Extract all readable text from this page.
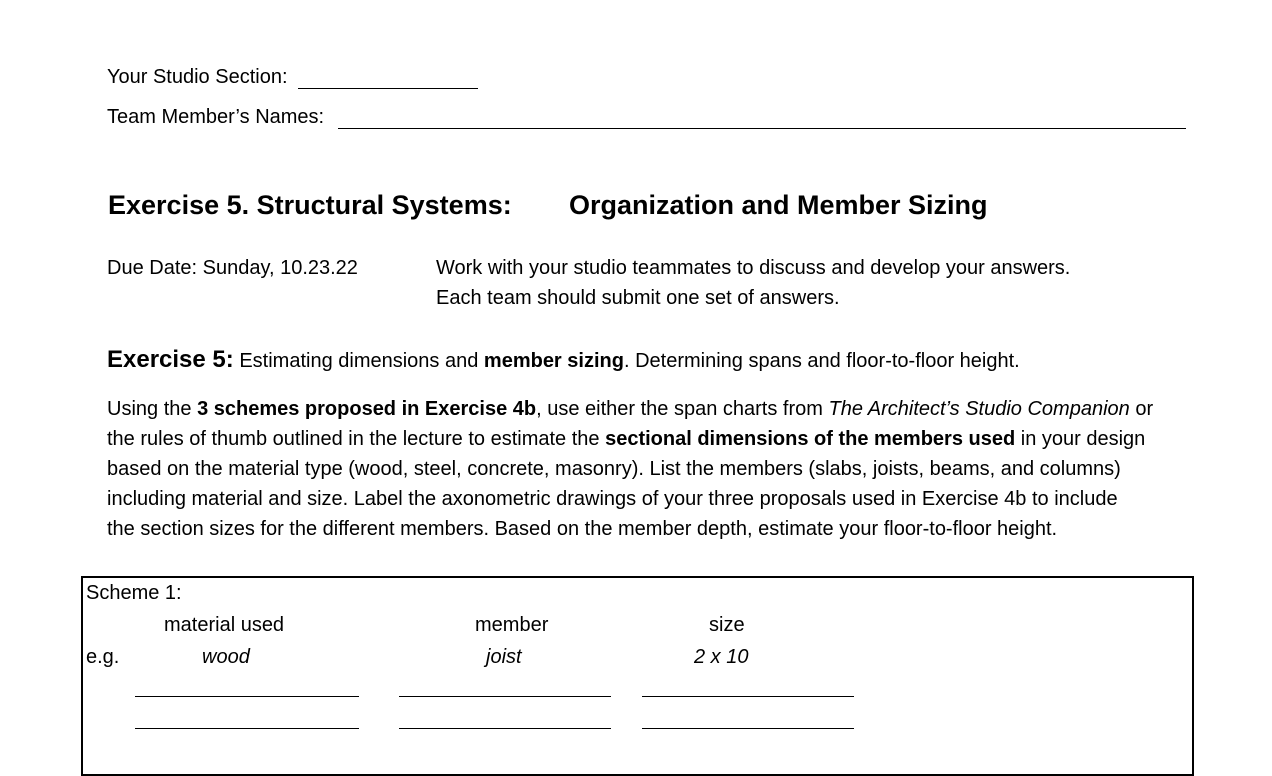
Your Studio Section:
Team Member’s Names:
Exercise 5. Structural Systems: Organization and Member Sizing
Due Date: Sunday, 10.23.22	Work with your studio teammates to discuss and develop your answers.
Each team should submit one set of answers.
Exercise 5: Estimating dimensions and member sizing. Determining spans and floor-to-floor height.
Using the 3 schemes proposed in Exercise 4b, use either the span charts from The Architect’s Studio Companion or
the rules of thumb outlined in the lecture to estimate the sectional dimensions of the members used in your design
based on the material type (wood, steel, concrete, masonry). List the members (slabs, joists, beams, and columns)
including material and size. Label the axonometric drawings of your three proposals used in Exercise 4b to include
the section sizes for the different members. Based on the member depth, estimate your floor-to-floor height.
Scheme 1:
material used	member	size
e.g.	wood	joist	2 x 10
